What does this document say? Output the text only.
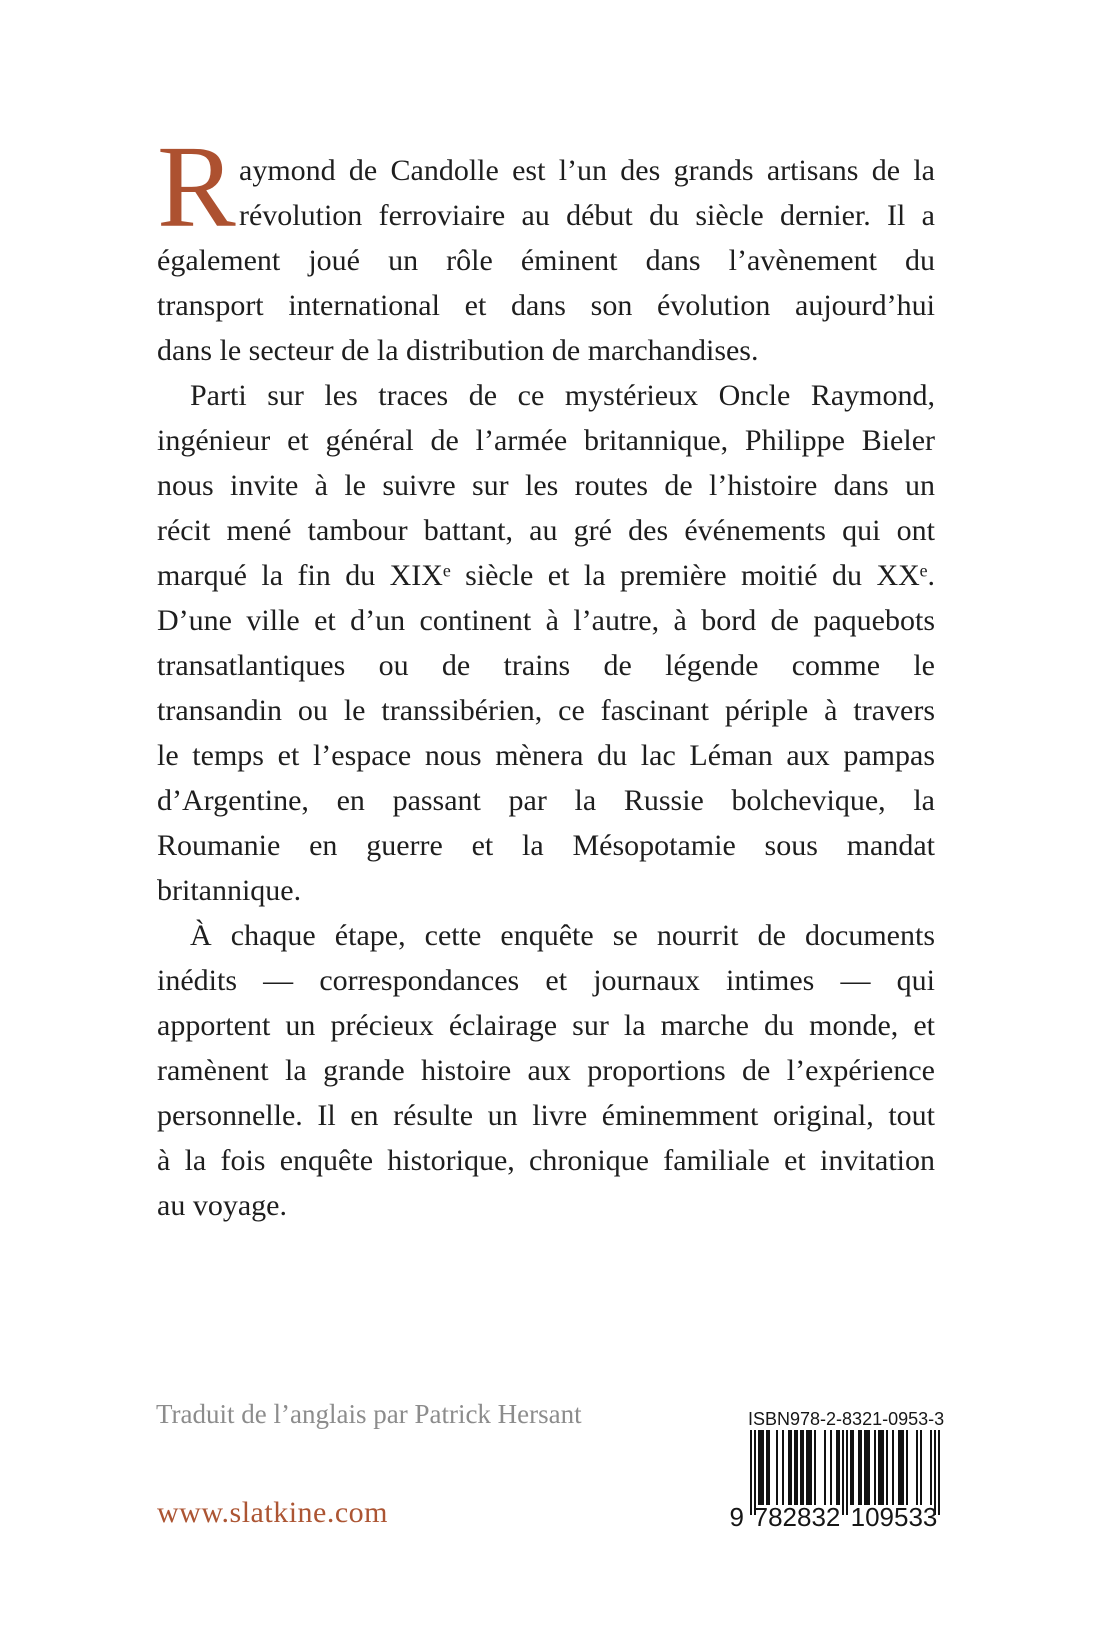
R aymond de Candolle est l’un des grands artisans de la
révolution ferroviaire au début du siècle dernier. Il a
également joué un rôle éminent dans l’avènement du
transport international et dans son évolution aujourd’hui
dans le secteur de la distribution de marchandises.
Parti sur les traces de ce mystérieux Oncle Raymond,
ingénieur et général de l’armée britannique, Philippe Bieler
nous invite à le suivre sur les routes de l’histoire dans un
récit mené tambour battant, au gré des événements qui ont
marqué la fin du XIXᵉ siècle et la première moitié du XXᵉ.
D’une ville et d’un continent à l’autre, à bord de paquebots
transatlantiques ou de trains de légende comme le
transandin ou le transsibérien, ce fascinant périple à travers
le temps et l’espace nous mènera du lac Léman aux pampas
d’Argentine, en passant par la Russie bolchevique, la
Roumanie en guerre et la Mésopotamie sous mandat
britannique.
À chaque étape, cette enquête se nourrit de documents
inédits — correspondances et journaux intimes — qui
apportent un précieux éclairage sur la marche du monde, et
ramènent la grande histoire aux proportions de l’expérience
personnelle. Il en résulte un livre éminemment original, tout
à la fois enquête historique, chronique familiale et invitation
au voyage.
Traduit de l’anglais par Patrick Hersant
www.slatkine.com
ISBN 978-2-8321-0953-3
9 782832 109533
